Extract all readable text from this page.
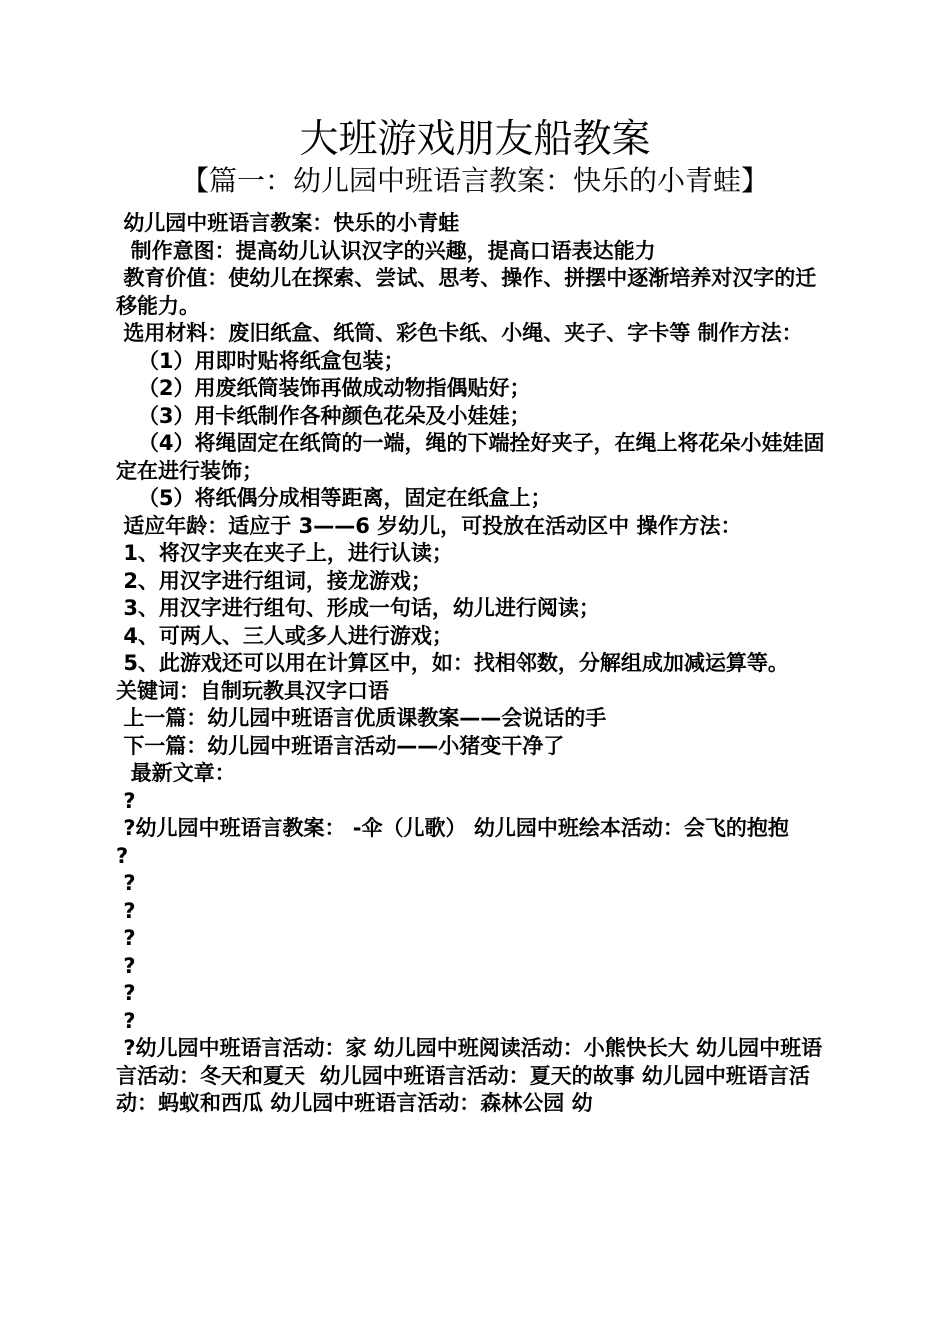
大班游戏朋友船教案
【篇一：幼儿园中班语言教案：快乐的小青蛙】
幼儿园中班语言教案：快乐的小青蛙
制作意图：提高幼儿认识汉字的兴趣，提高口语表达能力
教育价值：使幼儿在探索、尝试、思考、操作、拼摆中逐渐培养对汉字的迁移能力。
选用材料：废旧纸盒、纸筒、彩色卡纸、小绳、夹子、字卡等 制作方法：
（1）用即时贴将纸盒包装；
（2）用废纸筒装饰再做成动物指偶贴好；
（3）用卡纸制作各种颜色花朵及小娃娃；
（4）将绳固定在纸筒的一端，绳的下端拴好夹子，在绳上将花朵小娃娃固定在进行装饰；
（5）将纸偶分成相等距离，固定在纸盒上；
适应年龄：适应于 3——6 岁幼儿，可投放在活动区中 操作方法：
1、将汉字夹在夹子上，进行认读；
2、用汉字进行组词，接龙游戏；
3、用汉字进行组句、形成一句话，幼儿进行阅读；
4、可两人、三人或多人进行游戏；
5、此游戏还可以用在计算区中，如：找相邻数，分解组成加减运算等。
关键词：自制玩教具汉字口语
上一篇：幼儿园中班语言优质课教案——会说话的手
下一篇：幼儿园中班语言活动——小猪变干净了
最新文章：
?
?幼儿园中班语言教案： -伞（儿歌） 幼儿园中班绘本活动：会飞的抱抱
?
?
?
?
?
?
?
?幼儿园中班语言活动：家 幼儿园中班阅读活动：小熊快长大 幼儿园中班语言活动：冬天和夏天  幼儿园中班语言活动：夏天的故事 幼儿园中班语言活动：蚂蚁和西瓜 幼儿园中班语言活动：森林公园 幼
